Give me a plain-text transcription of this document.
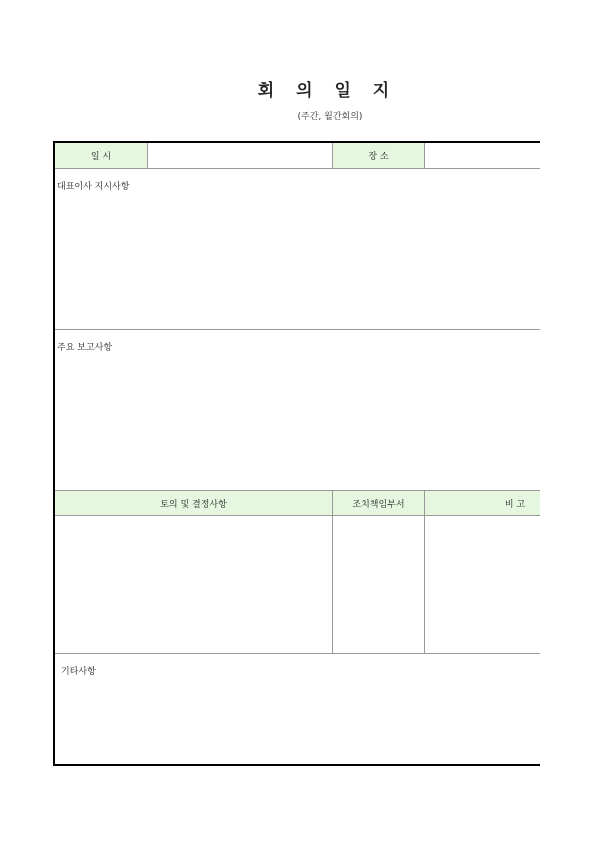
회 의 일 지
(주간, 월간회의)
일 시	장 소
대표이사 지시사항
주요 보고사항
토의 및 결정사항	조치책임부서	비 고
기타사항
